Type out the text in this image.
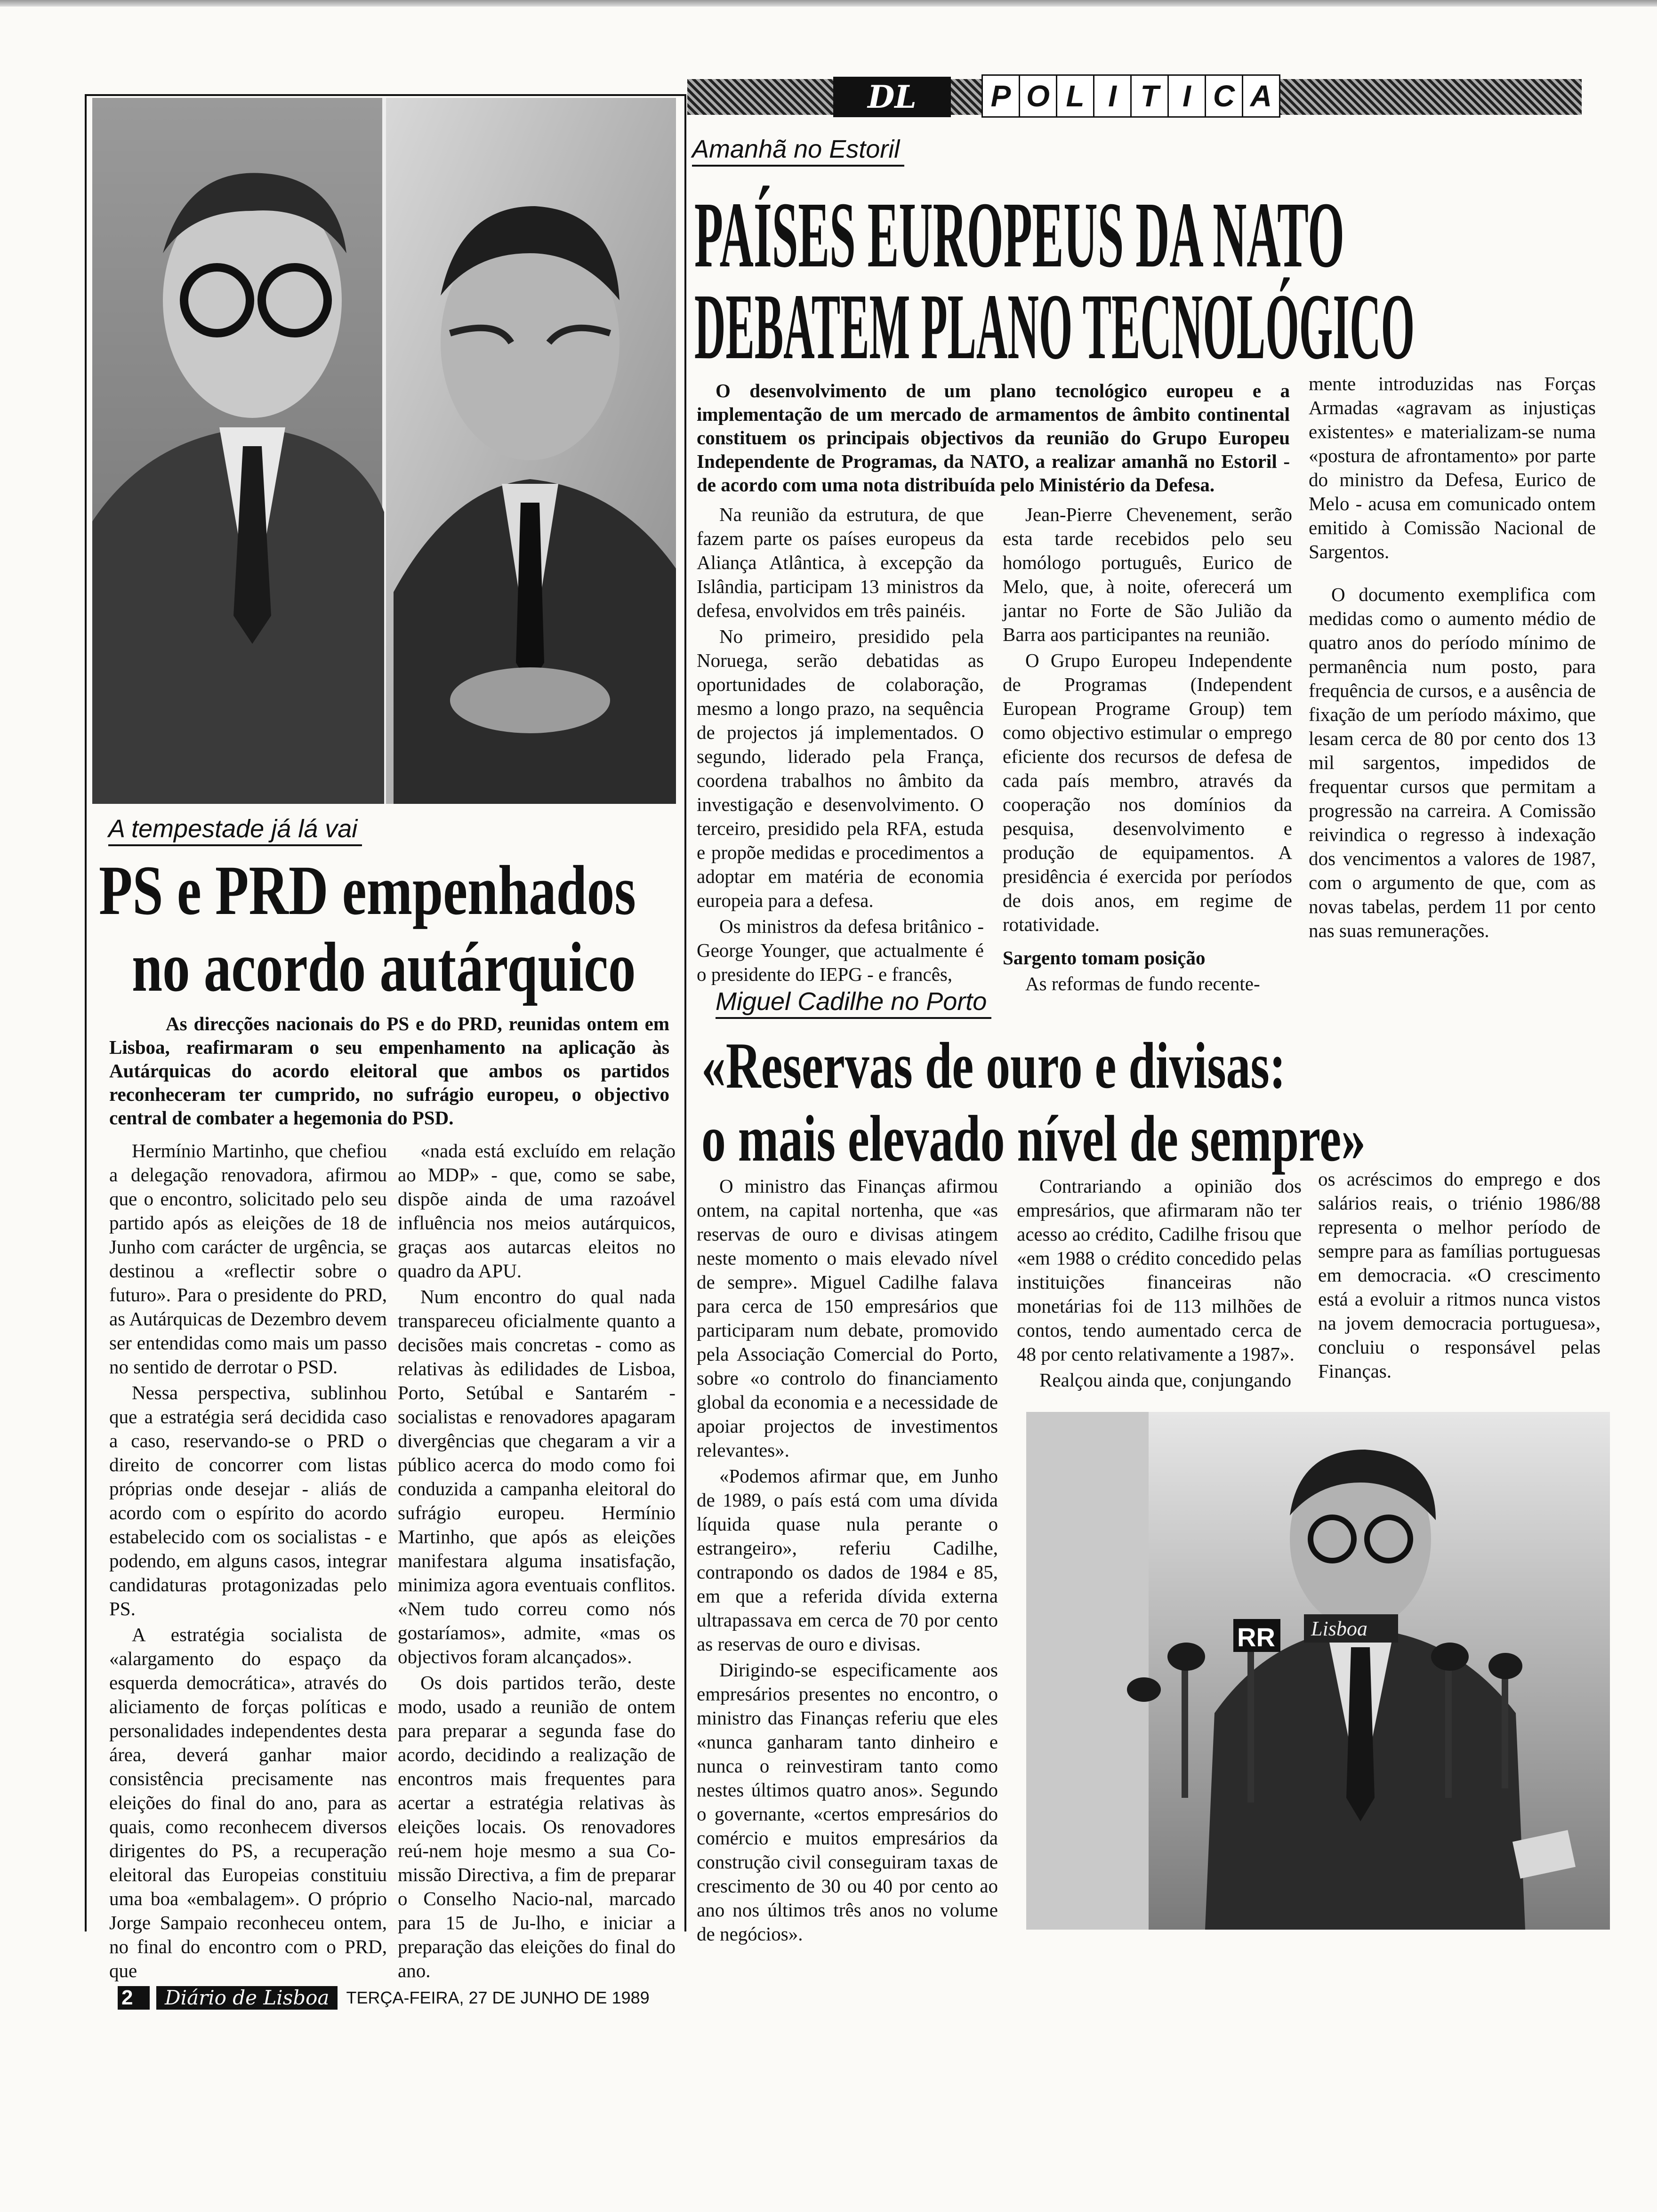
DL	P O L I T I C A
A tempestade já lá vai
PS e PRD empenhados
no acordo autárquico
As direcções nacionais do PS e do PRD, reunidas ontem em Lisboa, reafirmaram o seu empenhamento na aplicação às Autárquicas do acordo eleitoral que ambos os partidos reconheceram ter cumprido, no sufrágio europeu, o objectivo central de combater a hegemonia do PSD.

Hermínio Martinho, que chefiou a delegação renovadora, afirmou que o encontro, solicitado pelo seu partido após as eleições de 18 de Junho com carácter de urgência, se destinou a «reflectir sobre o futuro». Para o presidente do PRD, as Autárquicas de Dezembro devem ser entendidas como mais um passo no sentido de derrotar o PSD.

Nessa perspectiva, sublinhou que a estratégia será decidida caso a caso, reservando-se o PRD o direito de concorrer com listas próprias onde desejar - aliás de acordo com o espírito do acordo estabelecido com os socialistas - e podendo, em alguns casos, integrar candidaturas protagonizadas pelo PS.

A estratégia socialista de «alargamento do espaço da esquerda democrática», através do aliciamento de forças políticas e personalidades independentes desta área, deverá ganhar maior consistência precisamente nas eleições do final do ano, para as quais, como reconhecem diversos dirigentes do PS, a recuperação eleitoral das Europeias constituiu uma boa «embalagem». O próprio Jorge Sampaio reconheceu ontem, no final do encontro com o PRD, que

«nada está excluído em relação ao MDP» - que, como se sabe, dispõe ainda de uma razoável influência nos meios autárquicos, graças aos autarcas eleitos no quadro da APU.

Num encontro do qual nada transpareceu oficialmente quanto a decisões mais concretas - como as relativas às edilidades de Lisboa, Porto, Setúbal e Santarém - socialistas e renovadores apagaram divergências que chegaram a vir a público acerca do modo como foi conduzida a campanha eleitoral do sufrágio europeu. Hermínio Martinho, que após as eleições manifestara alguma insatisfação, minimiza agora eventuais conflitos. «Nem tudo correu como nós gostaríamos», admite, «mas os objectivos foram alcançados».

Os dois partidos terão, deste modo, usado a reunião de ontem para preparar a segunda fase do acordo, decidindo a realização de encontros mais frequentes para acertar a estratégia relativas às eleições locais. Os renovadores reú-nem hoje mesmo a sua Co-missão Directiva, a fim de preparar o Conselho Nacio-nal, marcado para 15 de Ju-lho, e iniciar a preparação das eleições do final do ano.

Amanhã no Estoril
PAÍSES EUROPEUS DA NATO
DEBATEM PLANO TECNOLÓGICO
O desenvolvimento de um plano tecnológico europeu e a implementação de um mercado de armamentos de âmbito continental constituem os principais objectivos da reunião do Grupo Europeu Independente de Programas, da NATO, a realizar amanhã no Estoril - de acordo com uma nota distribuída pelo Ministério da Defesa.

Na reunião da estrutura, de que fazem parte os países europeus da Aliança Atlântica, à excepção da Islândia, participam 13 ministros da defesa, envolvidos em três painéis.

No primeiro, presidido pela Noruega, serão debatidas as oportunidades de colaboração, mesmo a longo prazo, na sequência de projectos já implementados. O segundo, liderado pela França, coordena trabalhos no âmbito da investigação e desenvolvimento. O terceiro, presidido pela RFA, estuda e propõe medidas e procedimentos a adoptar em matéria de economia europeia para a defesa.

Os ministros da defesa britânico - George Younger, que actualmente é o presidente do IEPG - e francês,

Jean-Pierre Chevenement, serão esta tarde recebidos pelo seu homólogo português, Eurico de Melo, que, à noite, oferecerá um jantar no Forte de São Julião da Barra aos participantes na reunião.

O Grupo Europeu Independente de Programas (Independent European Programe Group) tem como objectivo estimular o emprego eficiente dos recursos de defesa de cada país membro, através da cooperação nos domínios da pesquisa, desenvolvimento e produção de equipamentos. A presidência é exercida por períodos de dois anos, em regime de rotatividade.

Sargento tomam posição

As reformas de fundo recente-

mente introduzidas nas Forças Armadas «agravam as injustiças existentes» e materializam-se numa «postura de afrontamento» por parte do ministro da Defesa, Eurico de Melo - acusa em comunicado ontem emitido à Comissão Nacional de Sargentos.

O documento exemplifica com medidas como o aumento médio de quatro anos do período mínimo de permanência num posto, para frequência de cursos, e a ausência de fixação de um período máximo, que lesam cerca de 80 por cento dos 13 mil sargentos, impedidos de frequentar cursos que permitam a progressão na carreira. A Comissão reivindica o regresso à indexação dos vencimentos a valores de 1987, com o argumento de que, com as novas tabelas, perdem 11 por cento nas suas remunerações.

Miguel Cadilhe no Porto
«Reservas de ouro e divisas:
o mais elevado nível de sempre»

O ministro das Finanças afirmou ontem, na capital nortenha, que «as reservas de ouro e divisas atingem neste momento o mais elevado nível de sempre». Miguel Cadilhe falava para cerca de 150 empresários que participaram num debate, promovido pela Associação Comercial do Porto, sobre «o controlo do financiamento global da economia e a necessidade de apoiar projectos de investimentos relevantes».

«Podemos afirmar que, em Junho de 1989, o país está com uma dívida líquida quase nula perante o estrangeiro», referiu Cadilhe, contrapondo os dados de 1984 e 85, em que a referida dívida externa ultrapassava em cerca de 70 por cento as reservas de ouro e divisas.

Dirigindo-se especificamente aos empresários presentes no encontro, o ministro das Finanças referiu que eles «nunca ganharam tanto dinheiro e nunca o reinvestiram tanto como nestes últimos quatro anos». Segundo o governante, «certos empresários do comércio e muitos empresários da construção civil conseguiram taxas de crescimento de 30 ou 40 por cento ao ano nos últimos três anos no volume de negócios».

Contrariando a opinião dos empresários, que afirmaram não ter acesso ao crédito, Cadilhe frisou que «em 1988 o crédito concedido pelas instituições financeiras não monetárias foi de 113 milhões de contos, tendo aumentado cerca de 48 por cento relativamente a 1987».

Realçou ainda que, conjungando

os acréscimos do emprego e dos salários reais, o triénio 1986/88 representa o melhor período de sempre para as famílias portuguesas em democracia. «O crescimento está a evoluir a ritmos nunca vistos na jovem democracia portuguesa», concluiu o responsável pelas Finanças.

RR Lisboa
2	Diário de Lisboa	TERÇA-FEIRA, 27 DE JUNHO DE 1989
